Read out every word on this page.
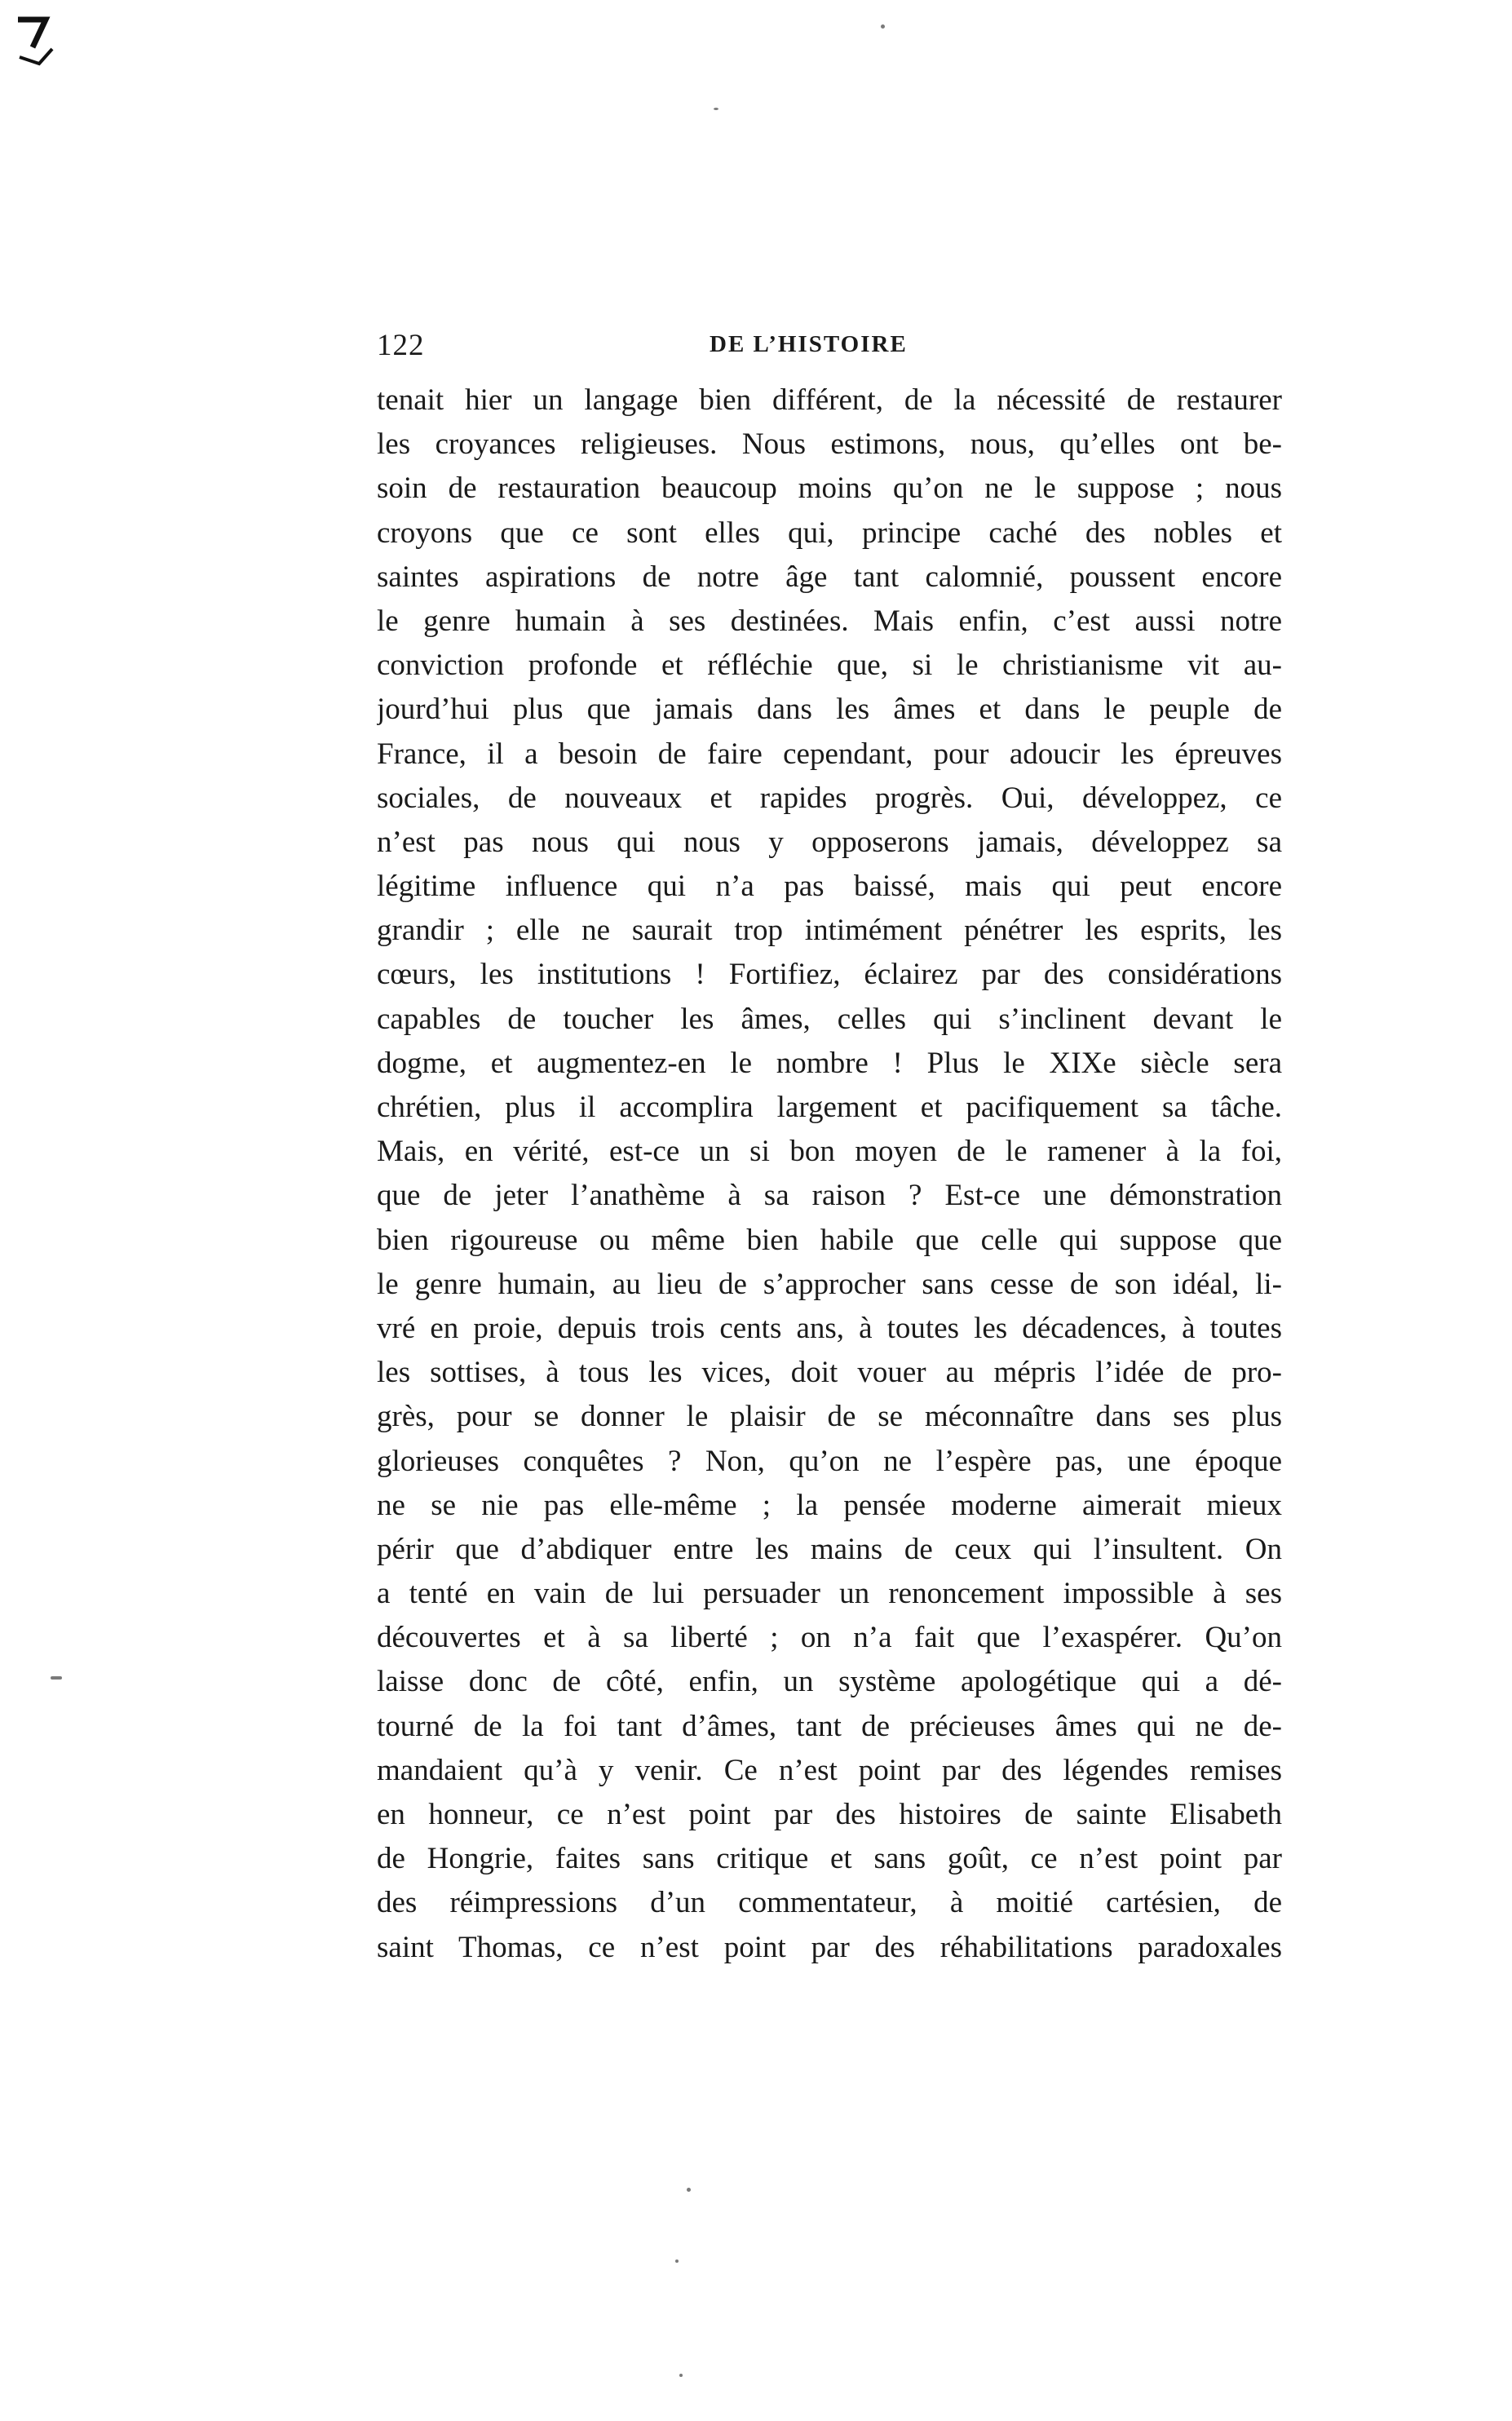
122	DE L’HISTOIRE
tenait hier un langage bien différent, de la nécessité de restaurer
les croyances religieuses. Nous estimons, nous, qu’elles ont be-
soin de restauration beaucoup moins qu’on ne le suppose ; nous
croyons que ce sont elles qui, principe caché des nobles et
saintes aspirations de notre âge tant calomnié, poussent encore
le genre humain à ses destinées. Mais enfin, c’est aussi notre
conviction profonde et réfléchie que, si le christianisme vit au-
jourd’hui plus que jamais dans les âmes et dans le peuple de
France, il a besoin de faire cependant, pour adoucir les épreuves
sociales, de nouveaux et rapides progrès. Oui, développez, ce
n’est pas nous qui nous y opposerons jamais, développez sa
légitime influence qui n’a pas baissé, mais qui peut encore
grandir ; elle ne saurait trop intimément pénétrer les esprits, les
cœurs, les institutions ! Fortifiez, éclairez par des considérations
capables de toucher les âmes, celles qui s’inclinent devant le
dogme, et augmentez-en le nombre ! Plus le XIXe siècle sera
chrétien, plus il accomplira largement et pacifiquement sa tâche.
Mais, en vérité, est-ce un si bon moyen de le ramener à la foi,
que de jeter l’anathème à sa raison ? Est-ce une démonstration
bien rigoureuse ou même bien habile que celle qui suppose que
le genre humain, au lieu de s’approcher sans cesse de son idéal, li-
vré en proie, depuis trois cents ans, à toutes les décadences, à toutes
les sottises, à tous les vices, doit vouer au mépris l’idée de pro-
grès, pour se donner le plaisir de se méconnaître dans ses plus
glorieuses conquêtes ? Non, qu’on ne l’espère pas, une époque
ne se nie pas elle-même ; la pensée moderne aimerait mieux
périr que d’abdiquer entre les mains de ceux qui l’insultent. On
a tenté en vain de lui persuader un renoncement impossible à ses
découvertes et à sa liberté ; on n’a fait que l’exaspérer. Qu’on
laisse donc de côté, enfin, un système apologétique qui a dé-
tourné de la foi tant d’âmes, tant de précieuses âmes qui ne de-
mandaient qu’à y venir. Ce n’est point par des légendes remises
en honneur, ce n’est point par des histoires de sainte Elisabeth
de Hongrie, faites sans critique et sans goût, ce n’est point par
des réimpressions d’un commentateur, à moitié cartésien, de
saint Thomas, ce n’est point par des réhabilitations paradoxales
